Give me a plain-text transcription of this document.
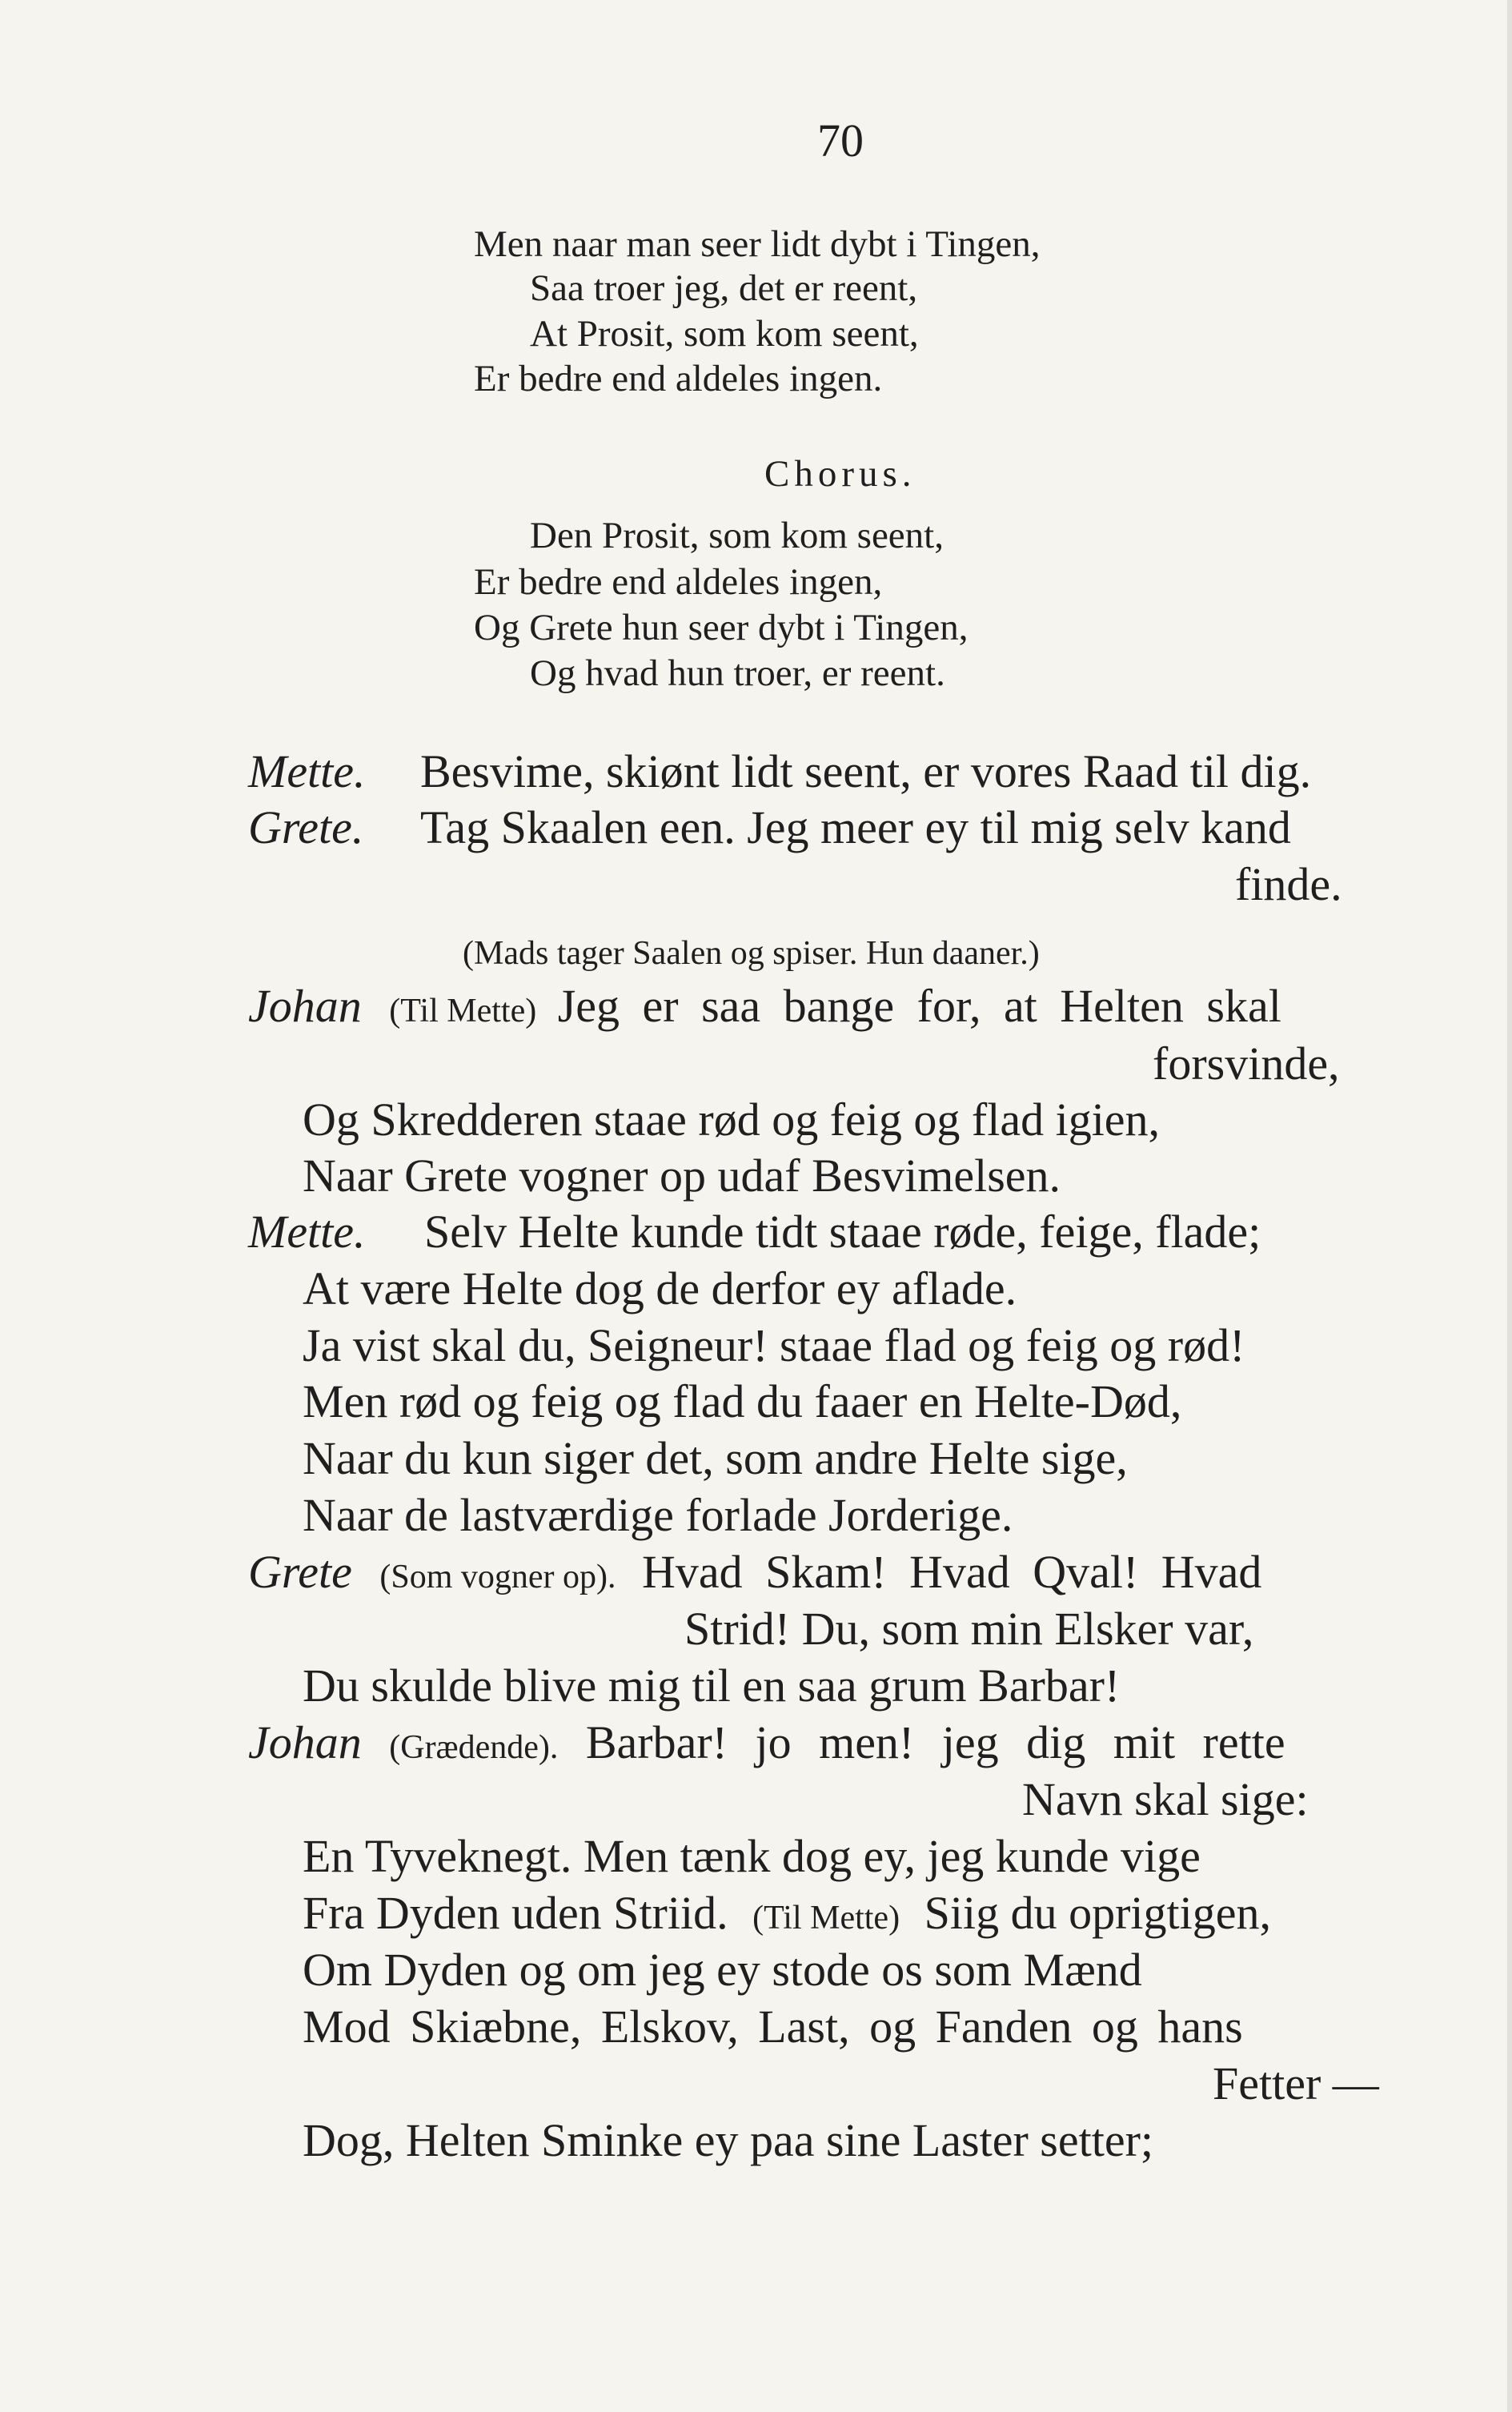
70
Men naar man seer lidt dybt i Tingen,
Saa troer jeg, det er reent,
At Prosit, som kom seent,
Er bedre end aldeles ingen.
Chorus.
Den Prosit, som kom seent,
Er bedre end aldeles ingen,
Og Grete hun seer dybt i Tingen,
Og hvad hun troer, er reent.
Mette. Besvime, skiønt lidt seent, er vores Raad til dig.
Grete. Tag Skaalen een. Jeg meer ey til mig selv kand
finde.
(Mads tager Saalen og spiser. Hun daaner.)
Johan (Til Mette) Jeg er saa bange for, at Helten skal
forsvinde,
Og Skredderen staae rød og feig og flad igien,
Naar Grete vogner op udaf Besvimelsen.
Mette. Selv Helte kunde tidt staae røde, feige, flade;
At være Helte dog de derfor ey aflade.
Ja vist skal du, Seigneur! staae flad og feig og rød!
Men rød og feig og flad du faaer en Helte-Død,
Naar du kun siger det, som andre Helte sige,
Naar de lastværdige forlade Jorderige.
Grete (Som vogner op). Hvad Skam! Hvad Qval! Hvad
Strid! Du, som min Elsker var,
Du skulde blive mig til en saa grum Barbar!
Johan (Grædende). Barbar! jo men! jeg dig mit rette
Navn skal sige:
En Tyveknegt. Men tænk dog ey, jeg kunde vige
Fra Dyden uden Striid. (Til Mette) Siig du oprigtigen,
Om Dyden og om jeg ey stode os som Mænd
Mod Skiæbne, Elskov, Last, og Fanden og hans
Fetter —
Dog, Helten Sminke ey paa sine Laster setter;
